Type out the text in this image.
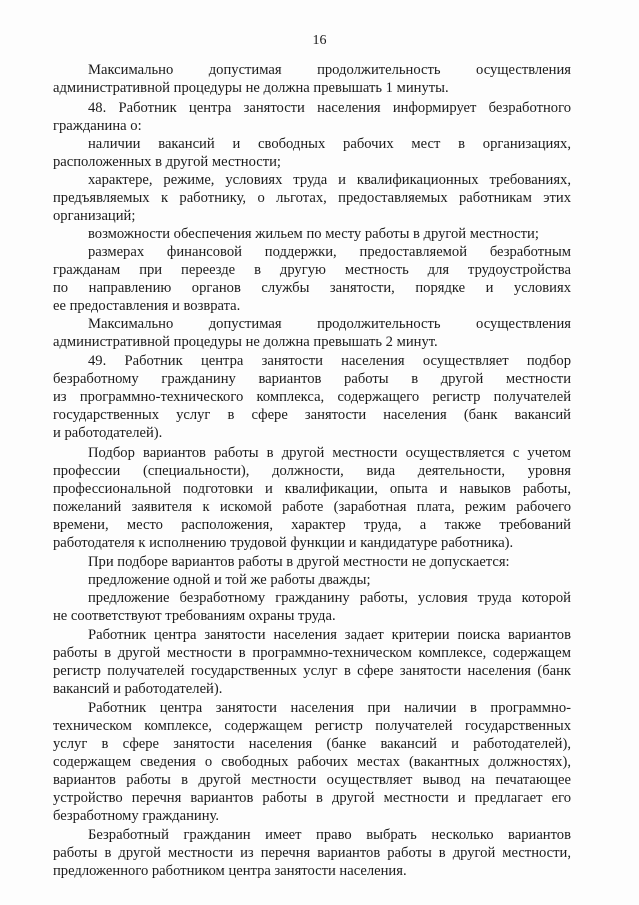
16
Максимально допустимая продолжительность осуществления
административной процедуры не должна превышать 1 минуты.
48. Работник центра занятости населения информирует безработного
гражданина о:
наличии вакансий и свободных рабочих мест в организациях,
расположенных в другой местности;
характере, режиме, условиях труда и квалификационных требованиях,
предъявляемых к работнику, о льготах, предоставляемых работникам этих
организаций;
возможности обеспечения жильем по месту работы в другой местности;
размерах финансовой поддержки, предоставляемой безработным
гражданам при переезде в другую местность для трудоустройства
по направлению органов службы занятости, порядке и условиях
ее предоставления и возврата.
Максимально допустимая продолжительность осуществления
административной процедуры не должна превышать 2 минут.
49. Работник центра занятости населения осуществляет подбор
безработному гражданину вариантов работы в другой местности
из программно-технического комплекса, содержащего регистр получателей
государственных услуг в сфере занятости населения (банк вакансий
и работодателей).
Подбор вариантов работы в другой местности осуществляется с учетом
профессии (специальности), должности, вида деятельности, уровня
профессиональной подготовки и квалификации, опыта и навыков работы,
пожеланий заявителя к искомой работе (заработная плата, режим рабочего
времени, место расположения, характер труда, а также требований
работодателя к исполнению трудовой функции и кандидатуре работника).
При подборе вариантов работы в другой местности не допускается:
предложение одной и той же работы дважды;
предложение безработному гражданину работы, условия труда которой
не соответствуют требованиям охраны труда.
Работник центра занятости населения задает критерии поиска вариантов
работы в другой местности в программно-техническом комплексе, содержащем
регистр получателей государственных услуг в сфере занятости населения (банк
вакансий и работодателей).
Работник центра занятости населения при наличии в программно-
техническом комплексе, содержащем регистр получателей государственных
услуг в сфере занятости населения (банке вакансий и работодателей),
содержащем сведения о свободных рабочих местах (вакантных должностях),
вариантов работы в другой местности осуществляет вывод на печатающее
устройство перечня вариантов работы в другой местности и предлагает его
безработному гражданину.
Безработный гражданин имеет право выбрать несколько вариантов
работы в другой местности из перечня вариантов работы в другой местности,
предложенного работником центра занятости населения.
